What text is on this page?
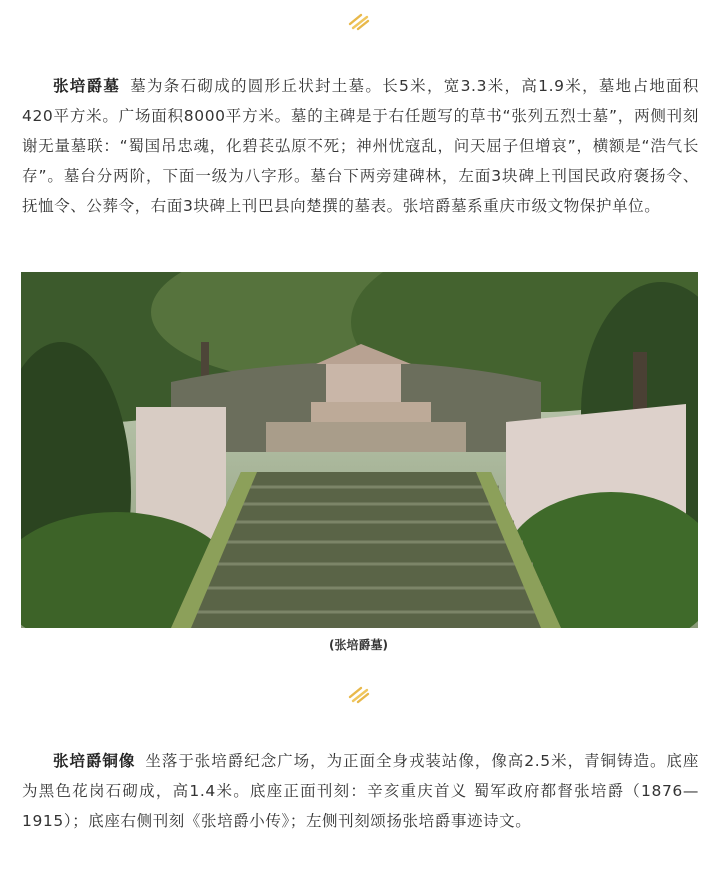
张培爵墓 墓为条石砌成的圆形丘状封土墓。长5米，宽3.3米，高1.9米，墓地占地面积420平方米。广场面积8000平方米。墓的主碑是于右任题写的草书“张列五烈士墓”，两侧刊刻谢无量墓联：“蜀国吊忠魂，化碧苌弘原不死；神州忧寇乱，问天屈子但增哀”，横额是“浩气长存”。墓台分两阶，下面一级为八字形。墓台下两旁建碑林，左面3块碑上刊国民政府褒扬令、抚恤令、公葬令，右面3块碑上刊巴县向楚撰的墓表。张培爵墓系重庆市级文物保护单位。
(张培爵墓)
张培爵铜像 坐落于张培爵纪念广场，为正面全身戎装站像，像高2.5米，青铜铸造。底座为黑色花岗石砌成，高1.4米。底座正面刊刻：辛亥重庆首义 蜀军政府都督张培爵（1876—1915）；底座右侧刊刻《张培爵小传》；左侧刊刻颂扬张培爵事迹诗文。
